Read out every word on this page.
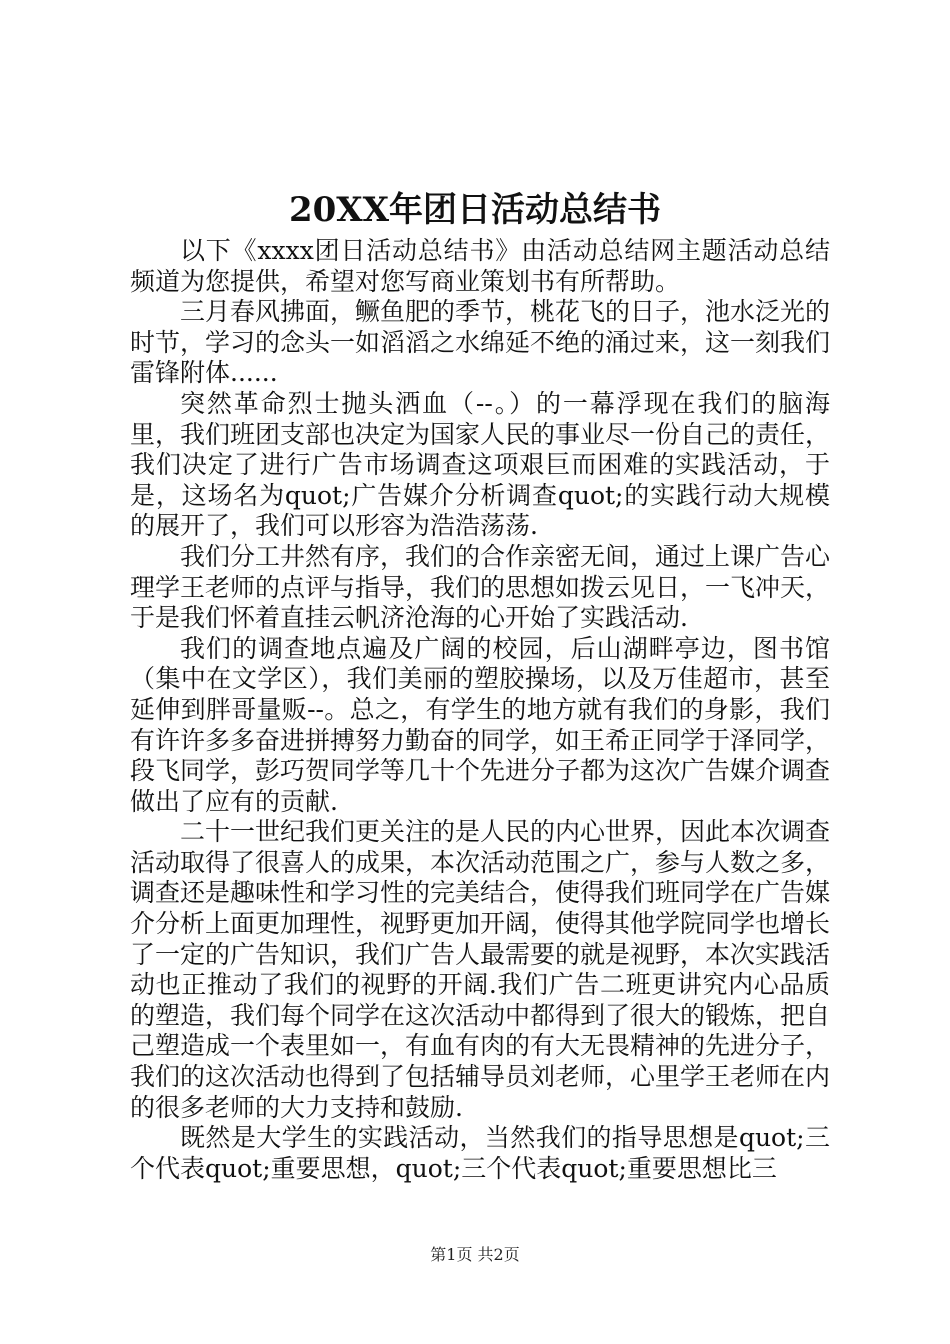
20XX年团日活动总结书

以下《xxxx团日活动总结书》由活动总结网主题活动总结频道为您提供，希望对您写商业策划书有所帮助。

三月春风拂面，鳜鱼肥的季节，桃花飞的日子，池水泛光的时节，学习的念头一如滔滔之水绵延不绝的涌过来，这一刻我们雷锋附体......

突然革命烈士抛头洒血（--。）的一幕浮现在我们的脑海里，我们班团支部也决定为国家人民的事业尽一份自己的责任，我们决定了进行广告市场调查这项艰巨而困难的实践活动，于是，这场名为quot;广告媒介分析调查quot;的实践行动大规模的展开了，我们可以形容为浩浩荡荡.

我们分工井然有序，我们的合作亲密无间，通过上课广告心理学王老师的点评与指导，我们的思想如拨云见日，一飞冲天，于是我们怀着直挂云帆济沧海的心开始了实践活动.

我们的调查地点遍及广阔的校园，后山湖畔亭边，图书馆（集中在文学区），我们美丽的塑胶操场，以及万佳超市，甚至延伸到胖哥量贩--。总之，有学生的地方就有我们的身影，我们有许许多多奋进拼搏努力勤奋的同学，如王希正同学于泽同学，段飞同学，彭巧贺同学等几十个先进分子都为这次广告媒介调查做出了应有的贡献.

二十一世纪我们更关注的是人民的内心世界，因此本次调查活动取得了很喜人的成果，本次活动范围之广，参与人数之多，调查还是趣味性和学习性的完美结合，使得我们班同学在广告媒介分析上面更加理性，视野更加开阔，使得其他学院同学也增长了一定的广告知识，我们广告人最需要的就是视野，本次实践活动也正推动了我们的视野的开阔.我们广告二班更讲究内心品质的塑造，我们每个同学在这次活动中都得到了很大的锻炼，把自己塑造成一个表里如一，有血有肉的有大无畏精神的先进分子，我们的这次活动也得到了包括辅导员刘老师，心里学王老师在内的很多老师的大力支持和鼓励.

既然是大学生的实践活动，当然我们的指导思想是quot;三个代表quot;重要思想，quot;三个代表quot;重要思想比三

第1页 共2页
